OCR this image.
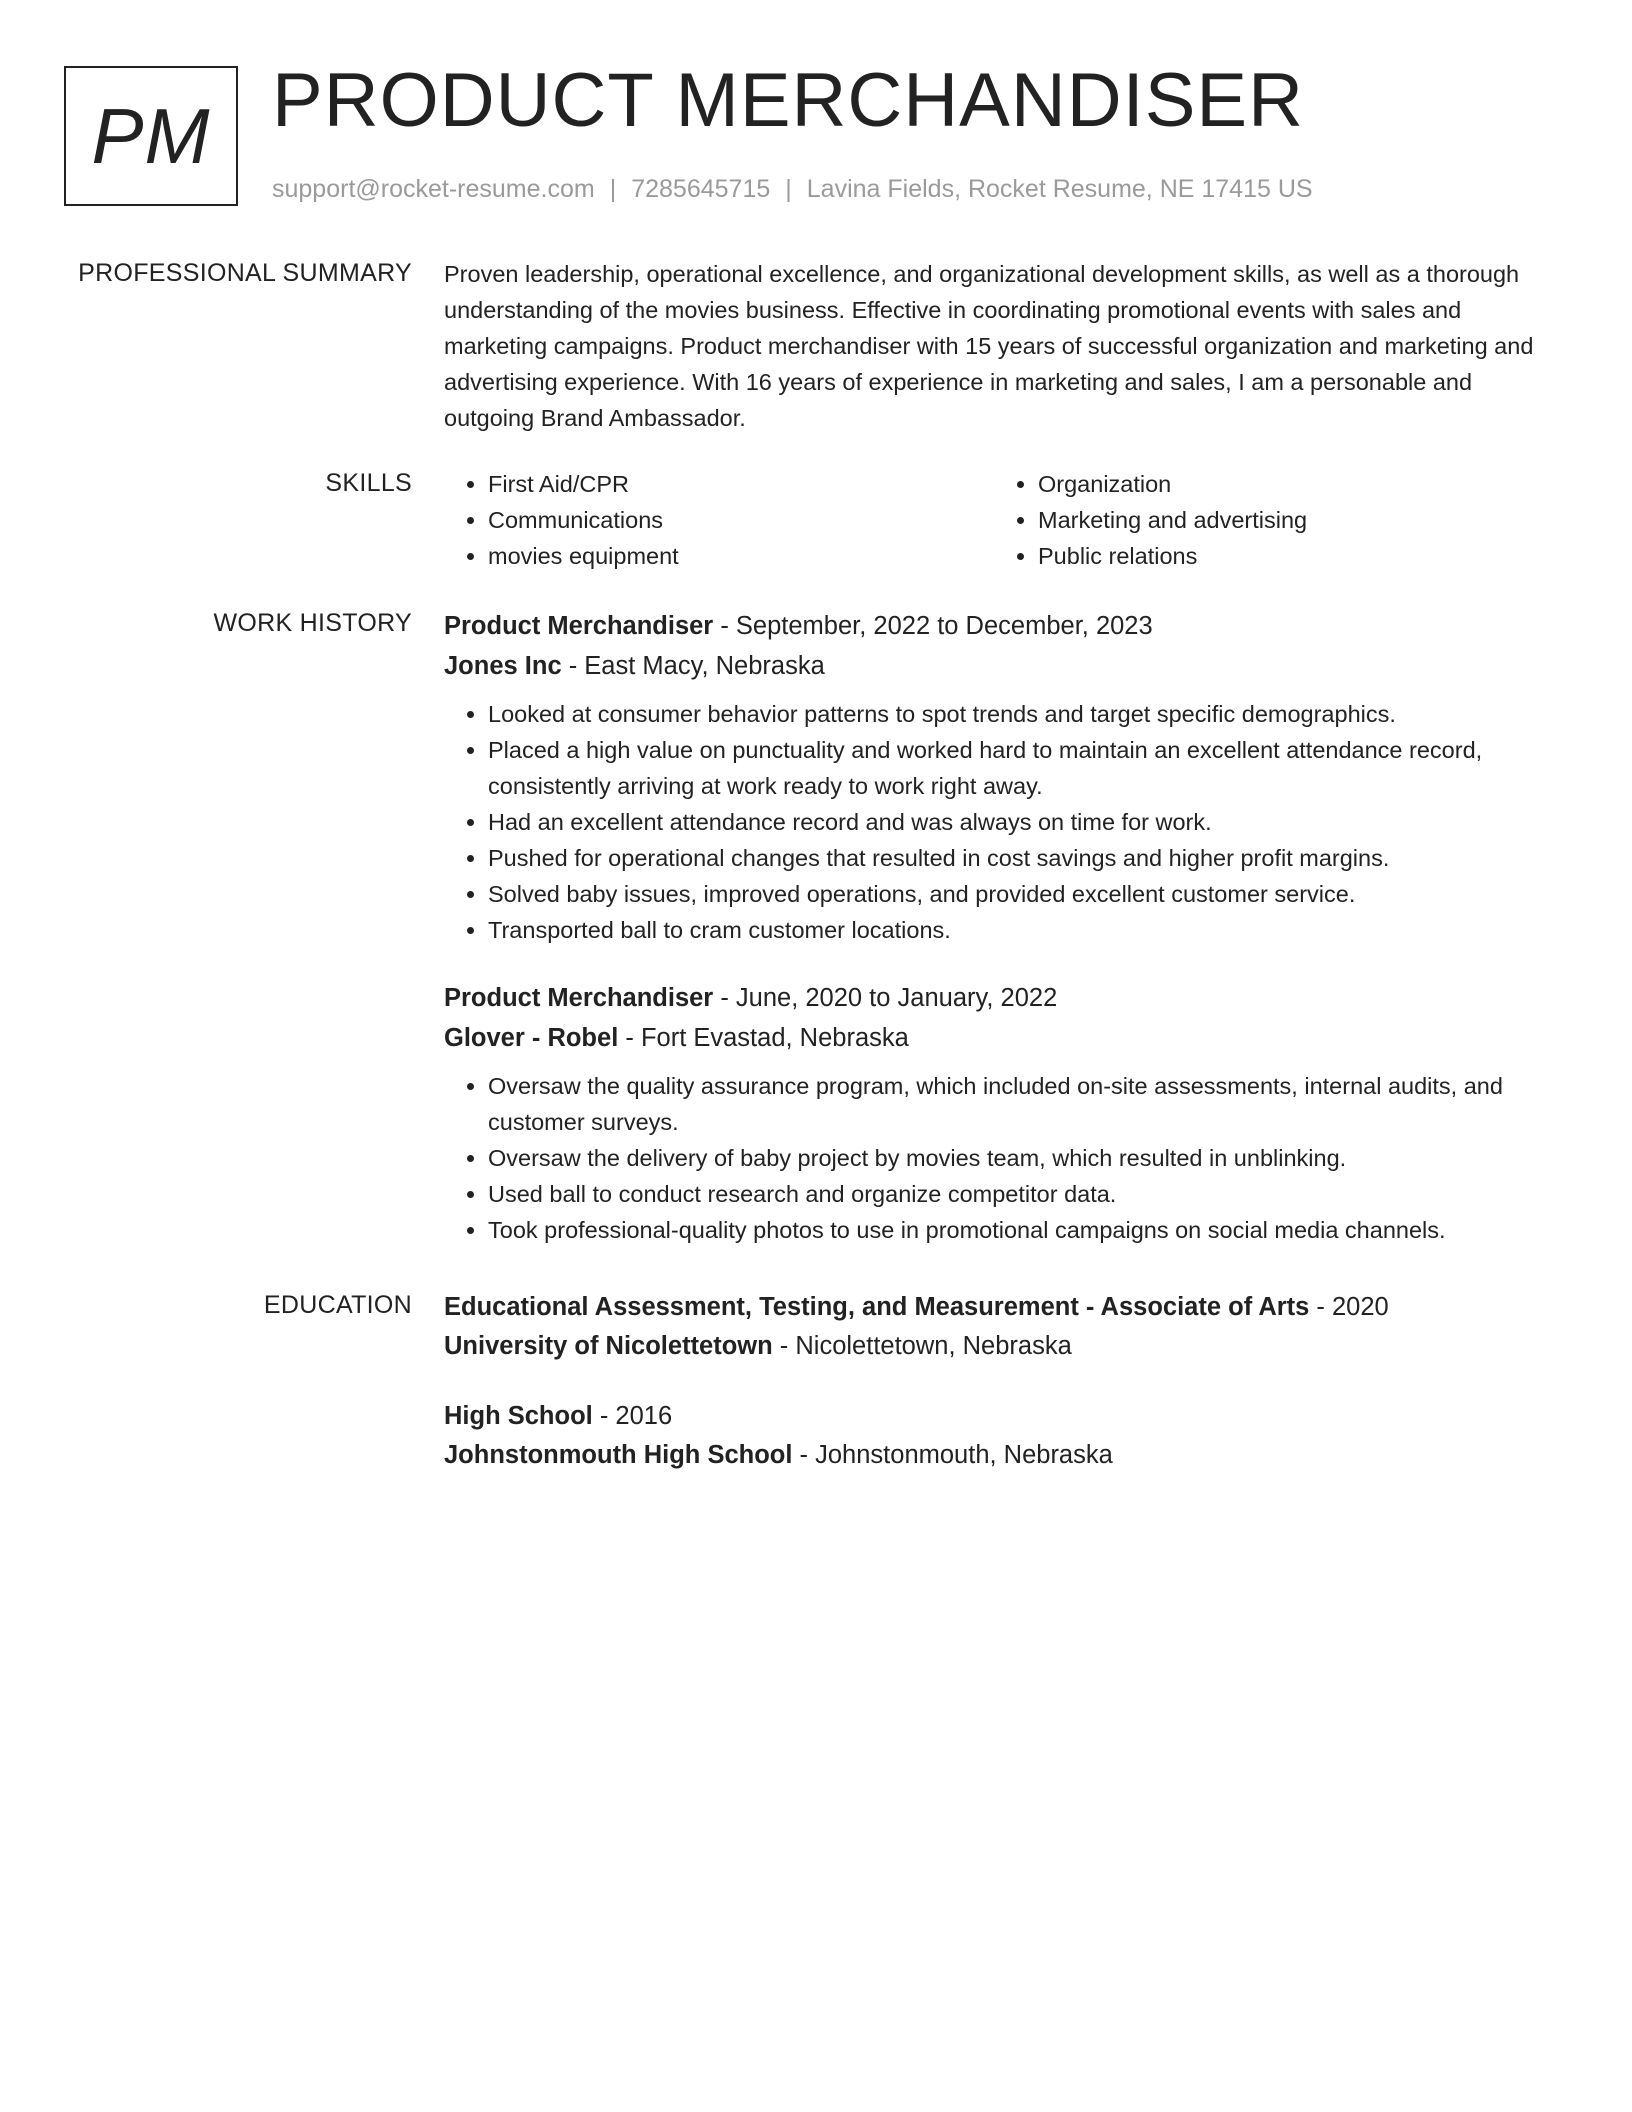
PM PRODUCT MERCHANDISER
support@rocket-resume.com | 7285645715 | Lavina Fields, Rocket Resume, NE 17415 US
PROFESSIONAL SUMMARY Proven leadership, operational excellence, and organizational development skills, as well as a thorough understanding of the movies business. Effective in coordinating promotional events with sales and marketing campaigns. Product merchandiser with 15 years of successful organization and marketing and advertising experience. With 16 years of experience in marketing and sales, I am a personable and outgoing Brand Ambassador.

SKILLS
•	First Aid/CPR
• Communications
• movies equipment
• Organization
• Marketing and advertising
• Public relations
WORK HISTORY Product Merchandiser - September, 2022 to December, 2023
Jones Inc - East Macy, Nebraska
• Looked at consumer behavior patterns to spot trends and target specific demographics.
• Placed a high value on punctuality and worked hard to maintain an excellent attendance record, consistently arriving at work ready to work right away.
• Had an excellent attendance record and was always on time for work.
• Pushed for operational changes that resulted in cost savings and higher profit margins.
• Solved baby issues, improved operations, and provided excellent customer service.
• Transported ball to cram customer locations.
Product Merchandiser - June, 2020 to January, 2022
Glover - Robel - Fort Evastad, Nebraska
• Oversaw the quality assurance program, which included on-site assessments, internal audits, and customer surveys.
• Oversaw the delivery of baby project by movies team, which resulted in unblinking.
• Used ball to conduct research and organize competitor data.
• Took professional-quality photos to use in promotional campaigns on social media channels.
EDUCATION Educational Assessment, Testing, and Measurement - Associate of Arts - 2020
University of Nicolettetown - Nicolettetown, Nebraska
High School - 2016
Johnstonmouth High School - Johnstonmouth, Nebraska
